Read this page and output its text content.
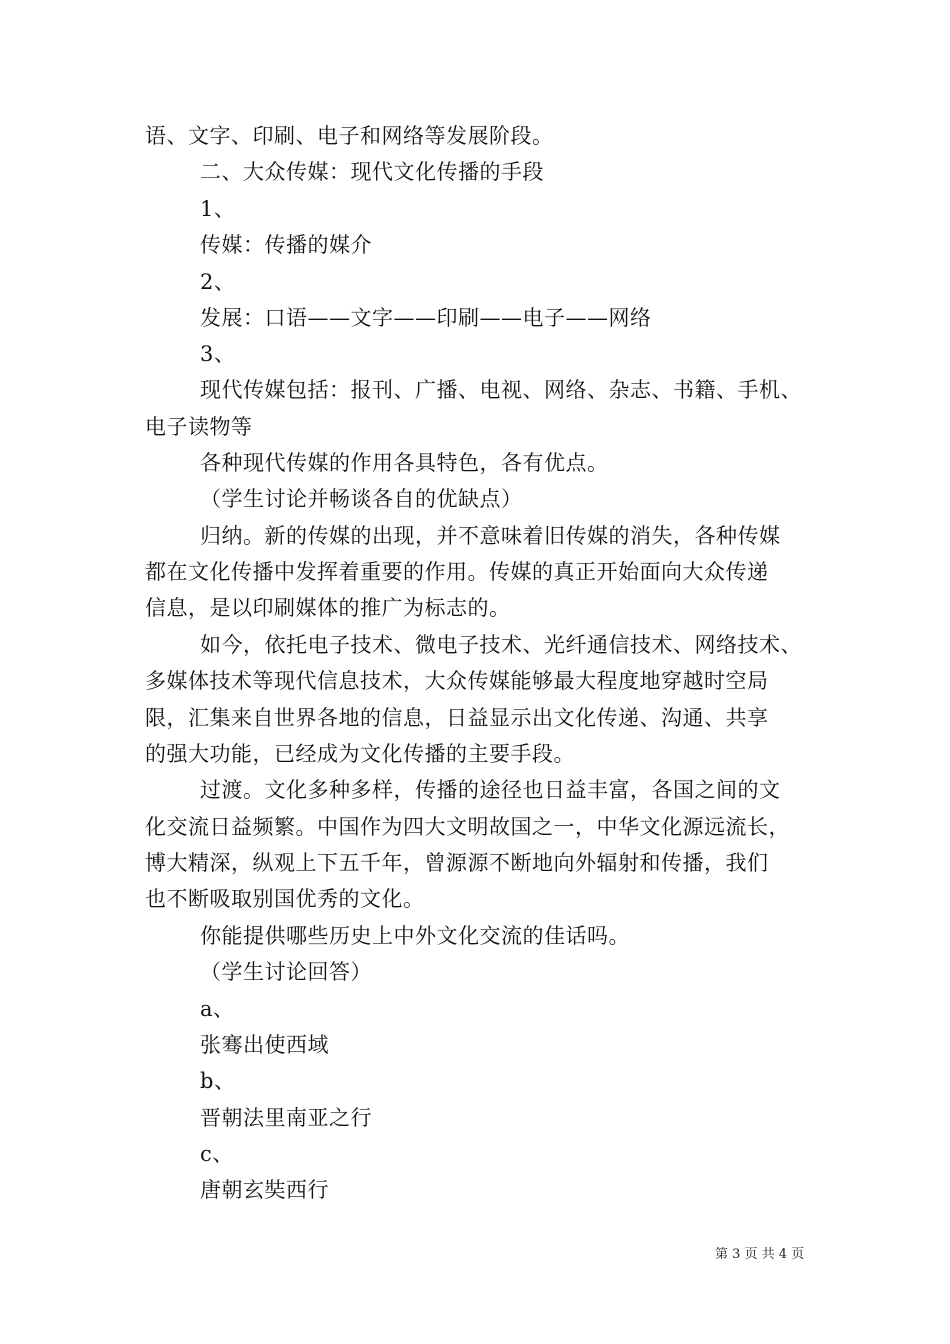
语、文字、印刷、电子和网络等发展阶段。
二、大众传媒：现代文化传播的手段
1、
传媒：传播的媒介
2、
发展：口语——文字——印刷——电子——网络
3、
现代传媒包括：报刊、广播、电视、网络、杂志、书籍、手机、
电子读物等
各种现代传媒的作用各具特色，各有优点。
（学生讨论并畅谈各自的优缺点）
归纳。新的传媒的出现，并不意味着旧传媒的消失，各种传媒
都在文化传播中发挥着重要的作用。传媒的真正开始面向大众传递
信息，是以印刷媒体的推广为标志的。
如今，依托电子技术、微电子技术、光纤通信技术、网络技术、
多媒体技术等现代信息技术，大众传媒能够最大程度地穿越时空局
限，汇集来自世界各地的信息，日益显示出文化传递、沟通、共享
的强大功能，已经成为文化传播的主要手段。
过渡。文化多种多样，传播的途径也日益丰富，各国之间的文
化交流日益频繁。中国作为四大文明故国之一，中华文化源远流长，
博大精深，纵观上下五千年，曾源源不断地向外辐射和传播，我们
也不断吸取别国优秀的文化。
你能提供哪些历史上中外文化交流的佳话吗。
（学生讨论回答）
a、
张骞出使西域
b、
晋朝法里南亚之行
c、
唐朝玄奘西行
第 3 页 共 4 页
